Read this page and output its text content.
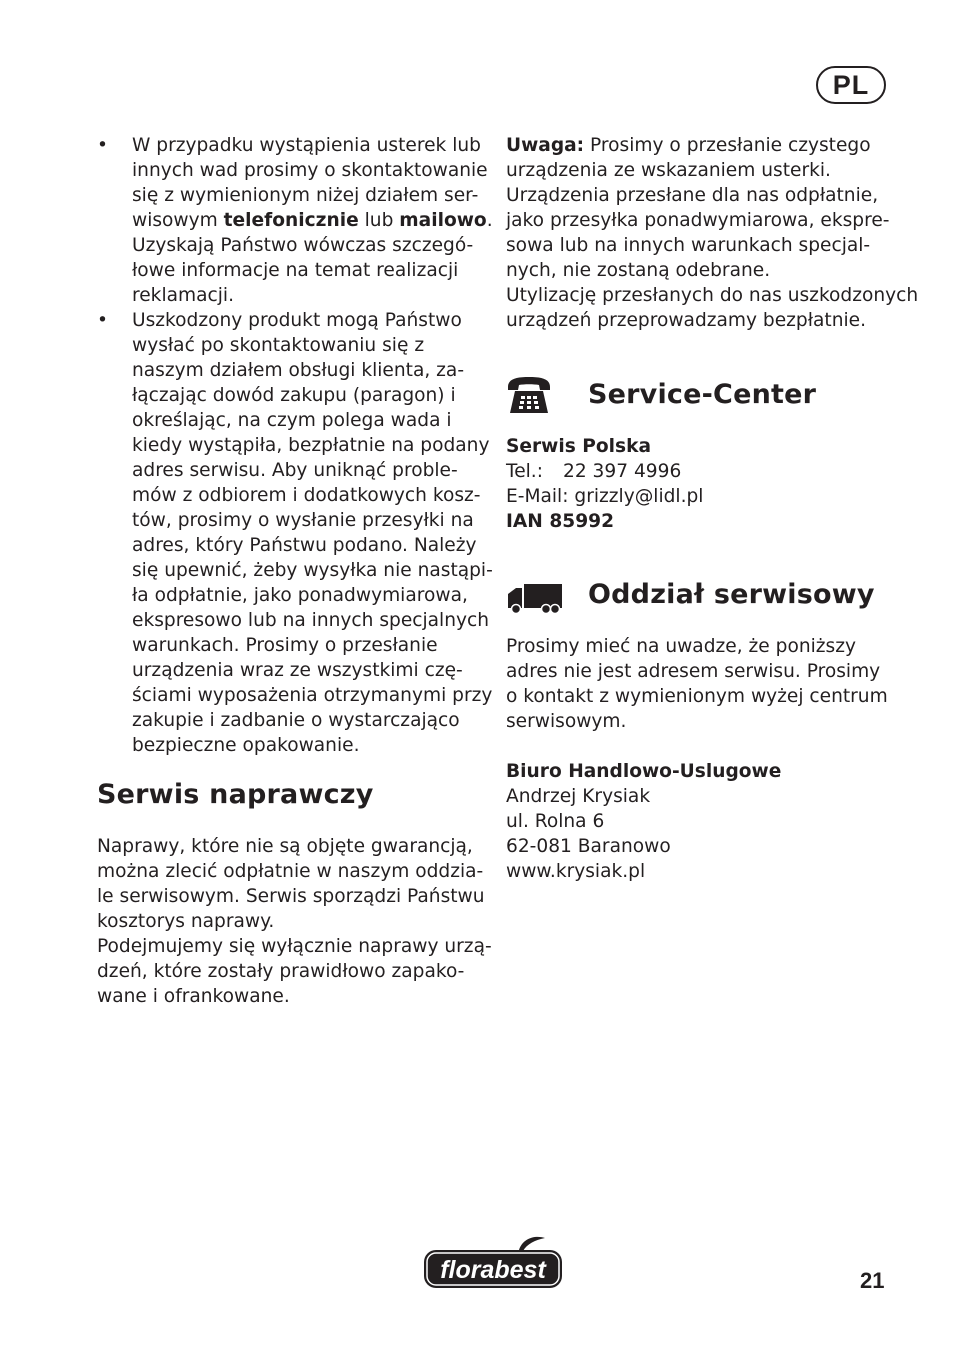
PL
•	W przypadku wystąpienia usterek lub
innych wad prosimy o skontaktowanie
się z wymienionym niżej działem ser-
wisowym telefonicznie lub mailowo.
Uzyskają Państwo wówczas szczegó-
łowe informacje na temat realizacji
reklamacji.
•	Uszkodzony produkt mogą Państwo
wysłać po skontaktowaniu się z
naszym działem obsługi klienta, za-
łączając dowód zakupu (paragon) i
określając, na czym polega wada i
kiedy wystąpiła, bezpłatnie na podany
adres serwisu. Aby uniknąć proble-
mów z odbiorem i dodatkowych kosz-
tów, prosimy o wysłanie przesyłki na
adres, który Państwu podano. Należy
się upewnić, żeby wysyłka nie nastąpi-
ła odpłatnie, jako ponadwymiarowa,
ekspresowo lub na innych specjalnych
warunkach. Prosimy o przesłanie
urządzenia wraz ze wszystkimi czę-
ściami wyposażenia otrzymanymi przy
zakupie i zadbanie o wystarczająco
bezpieczne opakowanie.
Serwis naprawczy
Naprawy, które nie są objęte gwarancją,
można zlecić odpłatnie w naszym oddzia-
le serwisowym. Serwis sporządzi Państwu
kosztorys naprawy.
Podejmujemy się wyłącznie naprawy urzą-
dzeń, które zostały prawidłowo zapako-
wane i ofrankowane.
Uwaga: Prosimy o przesłanie czystego
urządzenia ze wskazaniem usterki.
Urządzenia przesłane dla nas odpłatnie,
jako przesyłka ponadwymiarowa, ekspre-
sowa lub na innych warunkach specjal-
nych, nie zostaną odebrane.
Utylizację przesłanych do nas uszkodzonych
urządzeń przeprowadzamy bezpłatnie.
Service-Center
Serwis Polska
Tel.: 22 397 4996
E-Mail: grizzly@lidl.pl
IAN 85992
Oddział serwisowy
Prosimy mieć na uwadze, że poniższy
adres nie jest adresem serwisu. Prosimy
o kontakt z wymienionym wyżej centrum
serwisowym.
Biuro Handlowo-Uslugowe
Andrzej Krysiak
ul. Rolna 6
62-081 Baranowo
www.krysiak.pl
florabest	21
